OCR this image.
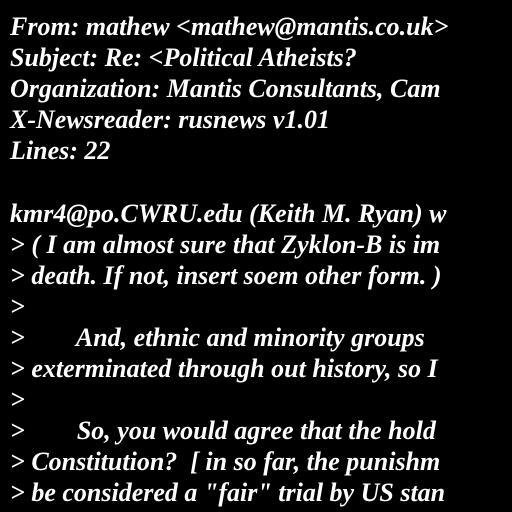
From: mathew <mathew@mantis.co.uk>
Subject: Re: <Political Atheists?
Organization: Mantis Consultants, Cam
X-Newsreader: rusnews v1.01
Lines: 22
kmr4@po.CWRU.edu (Keith M. Ryan) w
> ( I am almost sure that Zyklon-B is im
> death. If not, insert soem other form. )
>
>        And, ethnic and minority groups
> exterminated through out history, so I
>
>        So, you would agree that the hold
> Constitution?  [ in so far, the punishm
> be considered a "fair" trial by US stan
